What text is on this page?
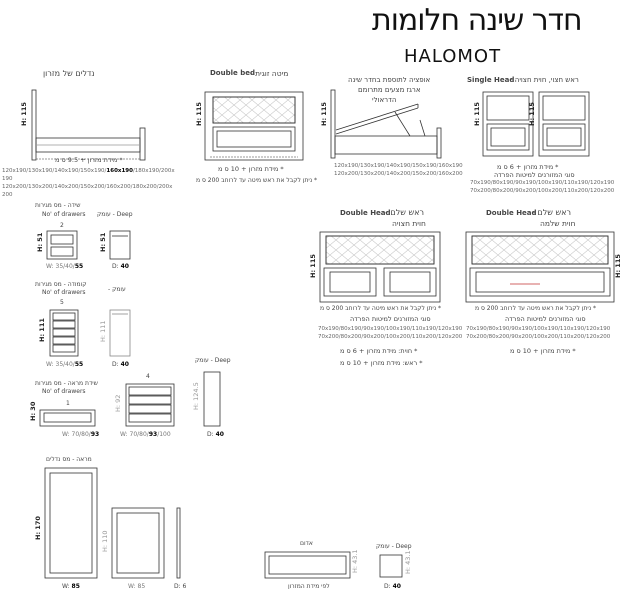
חדר שינה חלומות
HALOMOT
נדלים של מזרון
H: 115
* מידת מזרון + 9.5 ס מ
120x190/130x190/140x190/150x190/160x190/180x190/200x
190
120x200/130x200/140x200/150x200/160x200/180x200/200x
200
Double bed
מיטה זוגית -
H: 115
* מידת מזרון + 10 ס מ
* ניתן לקבל את ראש מיטה עד לרוחב 200 ס מ
אופציה לתוספת בחדר שינה
ארגז מצעים מתרומם
הדראולי
H: 115
120x190/130x190/140x190/150x190/160x190
120x200/130x200/140x200/150x200/160x200
Single Head
ראש חצוי, חוית חצויה -
H: 115	H: 115
* מידת מזרון + 6 ס מ
סוגי המזורנים למיטות הפרדה
70x190/80x190/90x190/100x190/110x190/120x190
70x200/80x200/90x200/100x200/110x200/120x200
Double Head
ראש שלם -
חוית חצויה
H: 115
* ניתן לקבל את ראש מיטה עד לרוחב 200 ס מ
סוגי המזורנים למיטות הפרדה
70x190/80x190/90x190/100x190/110x190/120x190
70x200/80x200/90x200/100x200/110x200/120x200
* חוית: מידת מזרון + 6 ס מ
* ראש: מידת מזרון + 10 ס מ
Double Head
ראש שלם -
חוית שלמה
H: 115
* ניתן לקבל את ראש מיטה עד לרוחב 200 ס מ
סוגי המזורנים למיטות הפרדה
70x190/80x190/90x190/100x190/110x190/120x190
70x200/80x200/90x200/100x200/110x200/120x200
* מידת מזרון + 10 ס מ
שידה - מס מגירות
No' of drawers
2
Deep - עומק
H: 51	H: 51
W: 35/40/55	D: 40
קומודה - מס מגירות
No' of drawers
5
עומק -
H: 111	H: 111
W: 35/40/55	D: 40
שידת מראה - מס מגירות
No' of drawers
1
4
Deep - עומק
H: 30	H: 92	H: 124.5
W: 70/80/93	W: 70/80/93/100	D: 40
מראה - מס נדלים
H: 170
H: 110
W: 85	W: 85	D: 6
אדום
H: 43.1
לפי מידת המזרון
Deep - עומק
H: 43.1
D: 40
